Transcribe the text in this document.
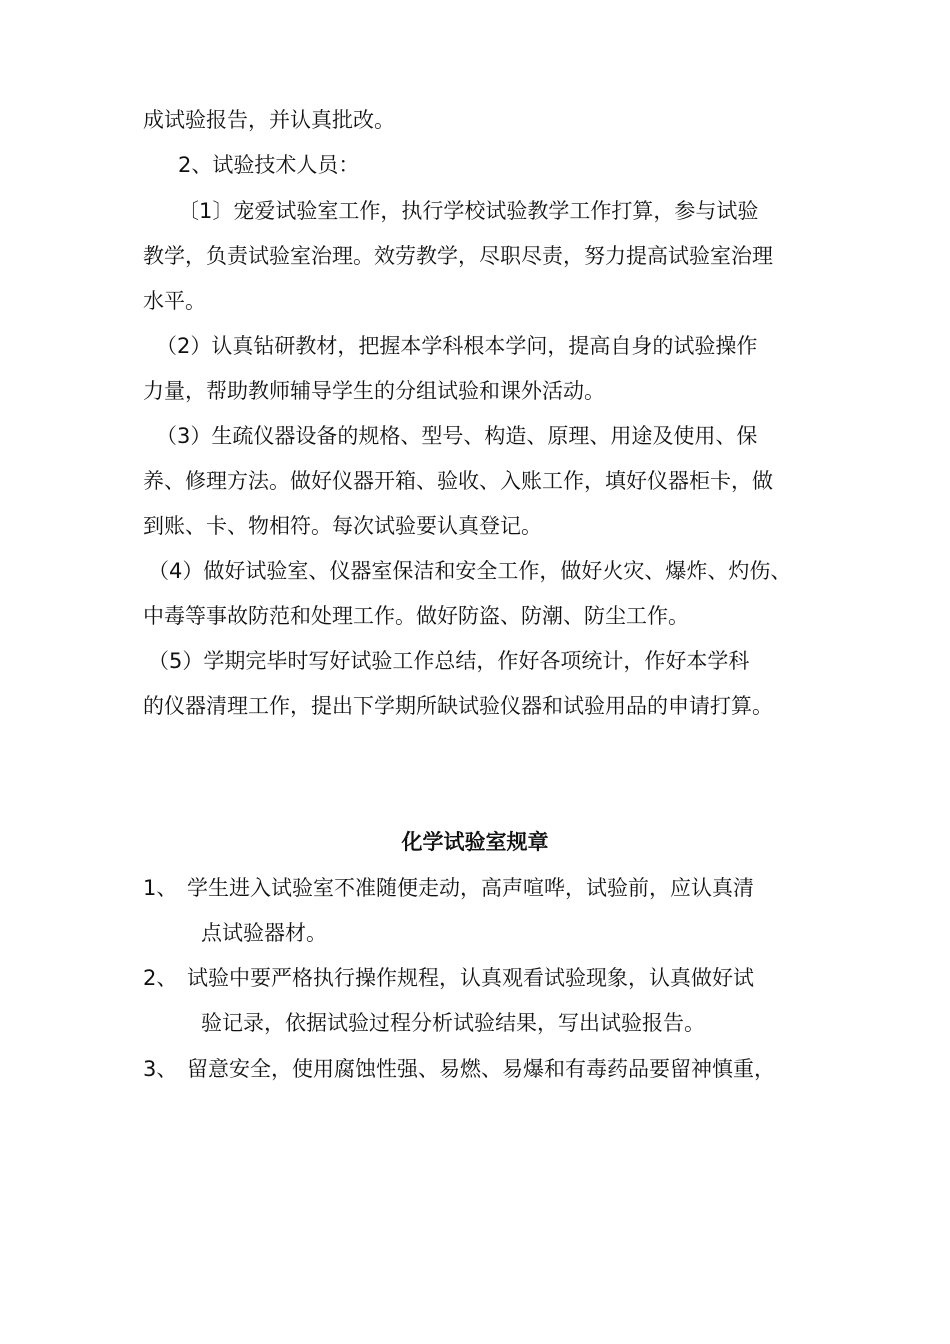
成试验报告，并认真批改。
2、试验技术人员：
〔1〕宠爱试验室工作，执行学校试验教学工作打算，参与试验
教学，负责试验室治理。效劳教学，尽职尽责，努力提高试验室治理
水平。
（2）认真钻研教材，把握本学科根本学问，提高自身的试验操作
力量，帮助教师辅导学生的分组试验和课外活动。
（3）生疏仪器设备的规格、型号、构造、原理、用途及使用、保
养、修理方法。做好仪器开箱、验收、入账工作，填好仪器柜卡，做
到账、卡、物相符。每次试验要认真登记。
（4）做好试验室、仪器室保洁和安全工作，做好火灾、爆炸、灼伤、
中毒等事故防范和处理工作。做好防盗、防潮、防尘工作。
（5）学期完毕时写好试验工作总结，作好各项统计，作好本学科
的仪器清理工作，提出下学期所缺试验仪器和试验用品的申请打算。
化学试验室规章
1、 学生进入试验室不准随便走动，高声喧哗，试验前，应认真清
点试验器材。
2、 试验中要严格执行操作规程，认真观看试验现象，认真做好试
验记录，依据试验过程分析试验结果，写出试验报告。
3、 留意安全，使用腐蚀性强、易燃、易爆和有毒药品要留神慎重，
